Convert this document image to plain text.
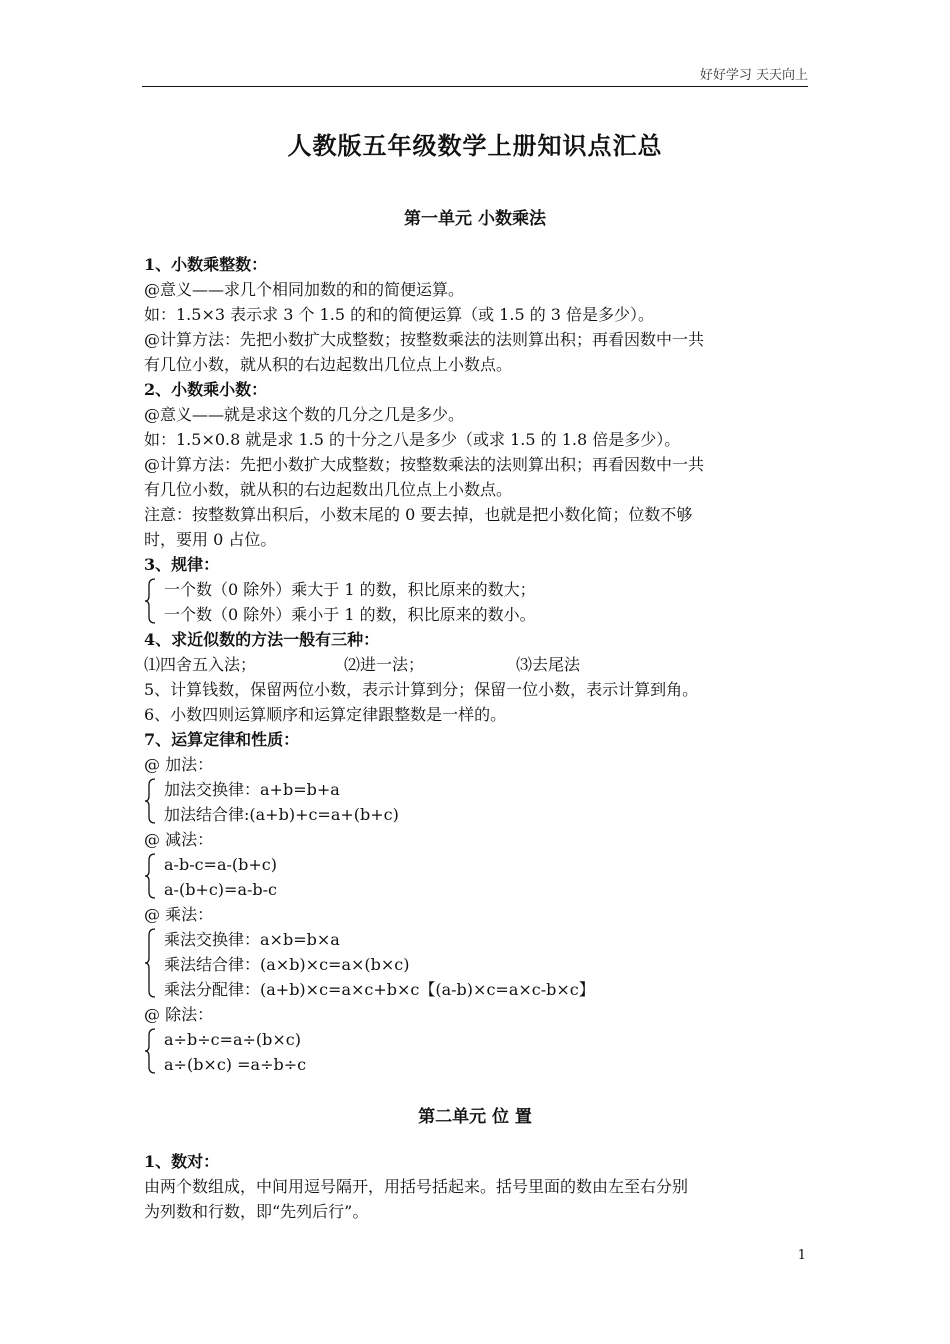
好好学习 天天向上
人教版五年级数学上册知识点汇总
第一单元 小数乘法
1、小数乘整数：
@意义——求几个相同加数的和的简便运算。
如：1.5×3 表示求 3 个 1.5 的和的简便运算（或 1.5 的 3 倍是多少）。
@计算方法：先把小数扩大成整数；按整数乘法的法则算出积；再看因数中一共
有几位小数，就从积的右边起数出几位点上小数点。
2、小数乘小数：
@意义——就是求这个数的几分之几是多少。
如：1.5×0.8 就是求 1.5 的十分之八是多少（或求 1.5 的 1.8 倍是多少）。
@计算方法：先把小数扩大成整数；按整数乘法的法则算出积；再看因数中一共
有几位小数，就从积的右边起数出几位点上小数点。
注意：按整数算出积后，小数末尾的 0 要去掉，也就是把小数化简；位数不够
时，要用 0 占位。
3、规律：
一个数（0 除外）乘大于 1 的数，积比原来的数大；
一个数（0 除外）乘小于 1 的数，积比原来的数小。
4、求近似数的方法一般有三种：
⑴四舍五入法；	⑵进一法；	⑶去尾法
5、计算钱数，保留两位小数，表示计算到分；保留一位小数，表示计算到角。
6、小数四则运算顺序和运算定律跟整数是一样的。
7、运算定律和性质：
@ 加法：
加法交换律：a+b=b+a
加法结合律:(a+b)+c=a+(b+c)
@ 减法：
a-b-c=a-(b+c)
a-(b+c)=a-b-c
@ 乘法：
乘法交换律：a×b=b×a
乘法结合律：(a×b)×c=a×(b×c)
乘法分配律：(a+b)×c=a×c+b×c【(a-b)×c=a×c-b×c】
@ 除法：
a÷b÷c=a÷(b×c)
a÷(b×c) =a÷b÷c
第二单元 位 置
1、数对：
由两个数组成，中间用逗号隔开，用括号括起来。括号里面的数由左至右分别
为列数和行数，即“先列后行”。
1
